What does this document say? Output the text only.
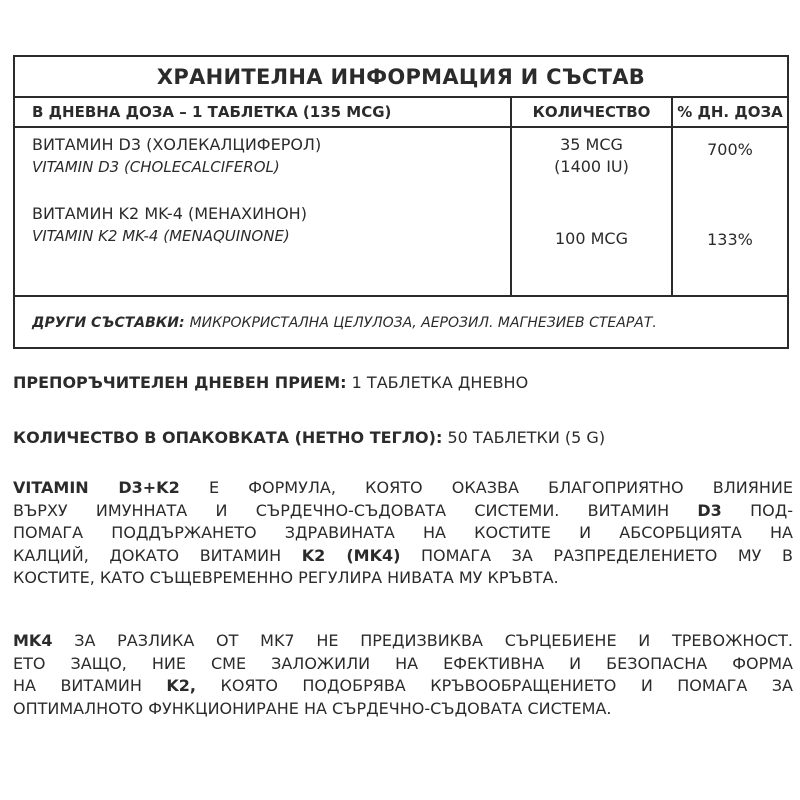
ХРАНИТЕЛНА ИНФОРМАЦИЯ И СЪСТАВ
В ДНЕВНА ДОЗА – 1 ТАБЛЕТКА (135 MCG)	КОЛИЧЕСТВО	% ДН. ДОЗА
ВИТАМИН D3 (ХОЛЕКАЛЦИФЕРОЛ)
VITAMIN D3 (CHOLECALCIFEROL)
ВИТАМИН K2 MK-4 (МЕНАХИНОН)
VITAMIN K2 MK-4 (MENAQUINONE)
35 MCG
(1400 IU)
100 MCG
700%
133%
ДРУГИ СЪСТАВКИ: МИКРОКРИСТАЛНА ЦЕЛУЛОЗА, АЕРОЗИЛ. МАГНЕЗИЕВ СТЕАРАТ.
ПРЕПОРЪЧИТЕЛЕН ДНЕВЕН ПРИЕМ: 1 ТАБЛЕТКА ДНЕВНО
КОЛИЧЕСТВО В ОПАКОВКАТА (НЕТНО ТЕГЛО): 50 ТАБЛЕТКИ (5 G)
VITAMIN D3+K2 Е ФОРМУЛА, КОЯТО ОКАЗВА БЛАГОПРИЯТНО ВЛИЯНИЕ
ВЪРХУ ИМУННАТА И СЪРДЕЧНО-СЪДОВАТА СИСТЕМИ. ВИТАМИН D3 ПОД-
ПОМАГА ПОДДЪРЖАНЕТО ЗДРАВИНАТА НА КОСТИТЕ И АБСОРБЦИЯТА НА
КАЛЦИЙ, ДОКАТО ВИТАМИН K2 (MK4) ПОМАГА ЗА РАЗПРЕДЕЛЕНИЕТО МУ В
КОСТИТЕ, КАТО СЪЩЕВРЕМЕННО РЕГУЛИРА НИВАТА МУ КРЪВТА.
MK4 ЗА РАЗЛИКА ОТ MK7 НЕ ПРЕДИЗВИКВА СЪРЦЕБИЕНЕ И ТРЕВОЖНОСТ.
ЕТО ЗАЩО, НИЕ СМЕ ЗАЛОЖИЛИ НА ЕФЕКТИВНА И БЕЗОПАСНА ФОРМА
НА ВИТАМИН K2, КОЯТО ПОДОБРЯВА КРЪВООБРАЩЕНИЕТО И ПОМАГА ЗА
ОПТИМАЛНОТО ФУНКЦИОНИРАНЕ НА СЪРДЕЧНО-СЪДОВАТА СИСТЕМА.
